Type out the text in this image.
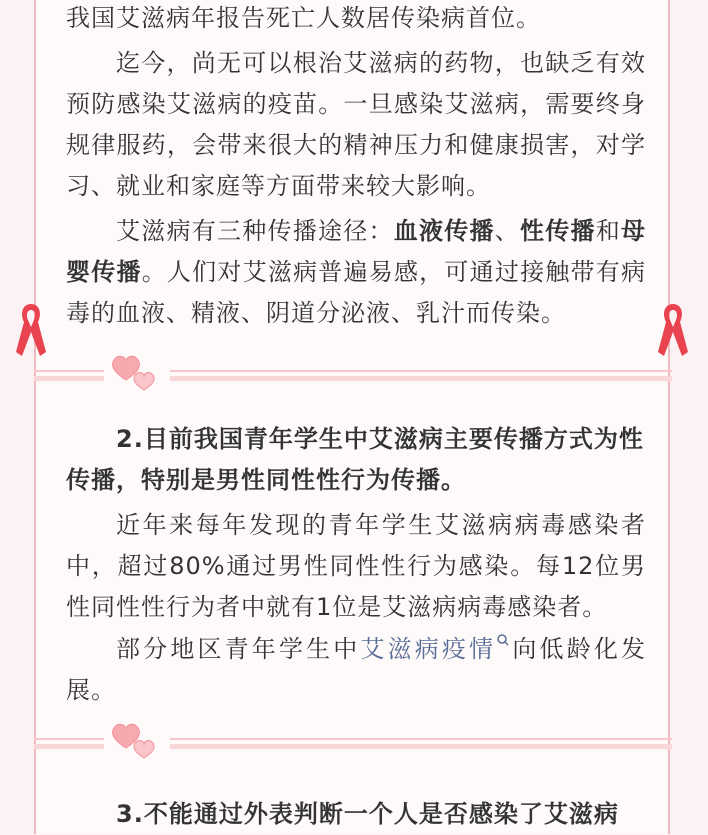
我国艾滋病年报告死亡人数居传染病首位。

迄今，尚无可以根治艾滋病的药物，也缺乏有效预防感染艾滋病的疫苗。一旦感染艾滋病，需要终身规律服药，会带来很大的精神压力和健康损害，对学习、就业和家庭等方面带来较大影响。

艾滋病有三种传播途径：血液传播、性传播和母婴传播。人们对艾滋病普遍易感，可通过接触带有病毒的血液、精液、阴道分泌液、乳汁而传染。

2.目前我国青年学生中艾滋病主要传播方式为性传播，特别是男性同性性行为传播。

近年来每年发现的青年学生艾滋病病毒感染者中，超过80%通过男性同性性行为感染。每12位男性同性性行为者中就有1位是艾滋病病毒感染者。

部分地区青年学生中艾滋病疫情 向低龄化发展。

3.不能通过外表判断一个人是否感染了艾滋病
